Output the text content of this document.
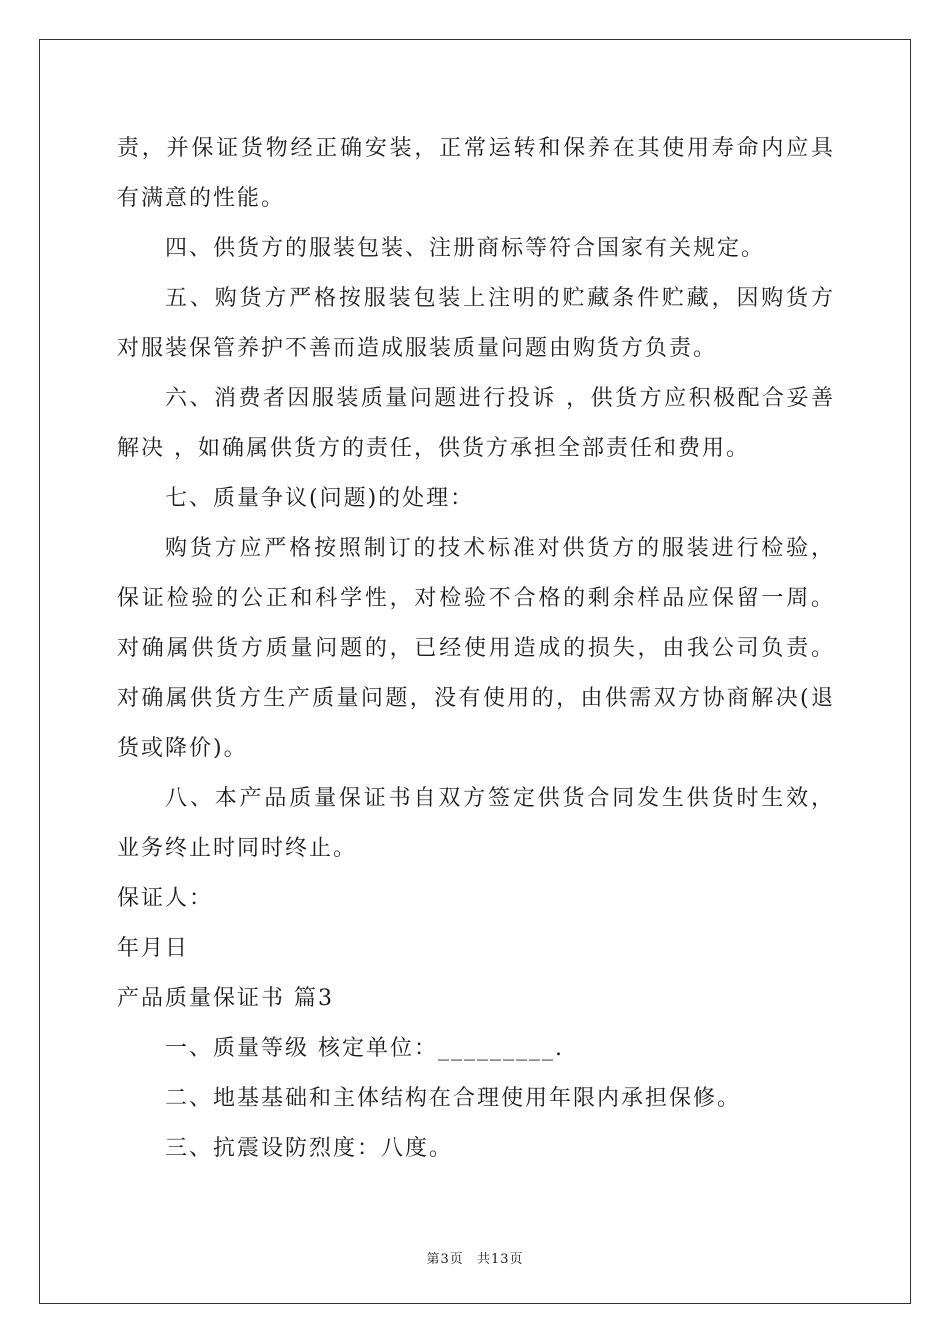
责，并保证货物经正确安装，正常运转和保养在其使用寿命内应具有满意的性能。

四、供货方的服装包装、注册商标等符合国家有关规定。

五、购货方严格按服装包装上注明的贮藏条件贮藏，因购货方对服装保管养护不善而造成服装质量问题由购货方负责。

六、消费者因服装质量问题进行投诉 ，供货方应积极配合妥善解决 ，如确属供货方的责任，供货方承担全部责任和费用。

七、质量争议(问题)的处理：

购货方应严格按照制订的技术标准对供货方的服装进行检验，保证检验的公正和科学性，对检验不合格的剩余样品应保留一周。对确属供货方质量问题的，已经使用造成的损失，由我公司负责。对确属供货方生产质量问题，没有使用的，由供需双方协商解决(退货或降价)。

八、本产品质量保证书自双方签定供货合同发生供货时生效，业务终止时同时终止。

保证人：

年月日

产品质量保证书 篇3

一、质量等级 核定单位：_________.

二、地基基础和主体结构在合理使用年限内承担保修。

三、抗震设防烈度：八度。

第3页 共13页
